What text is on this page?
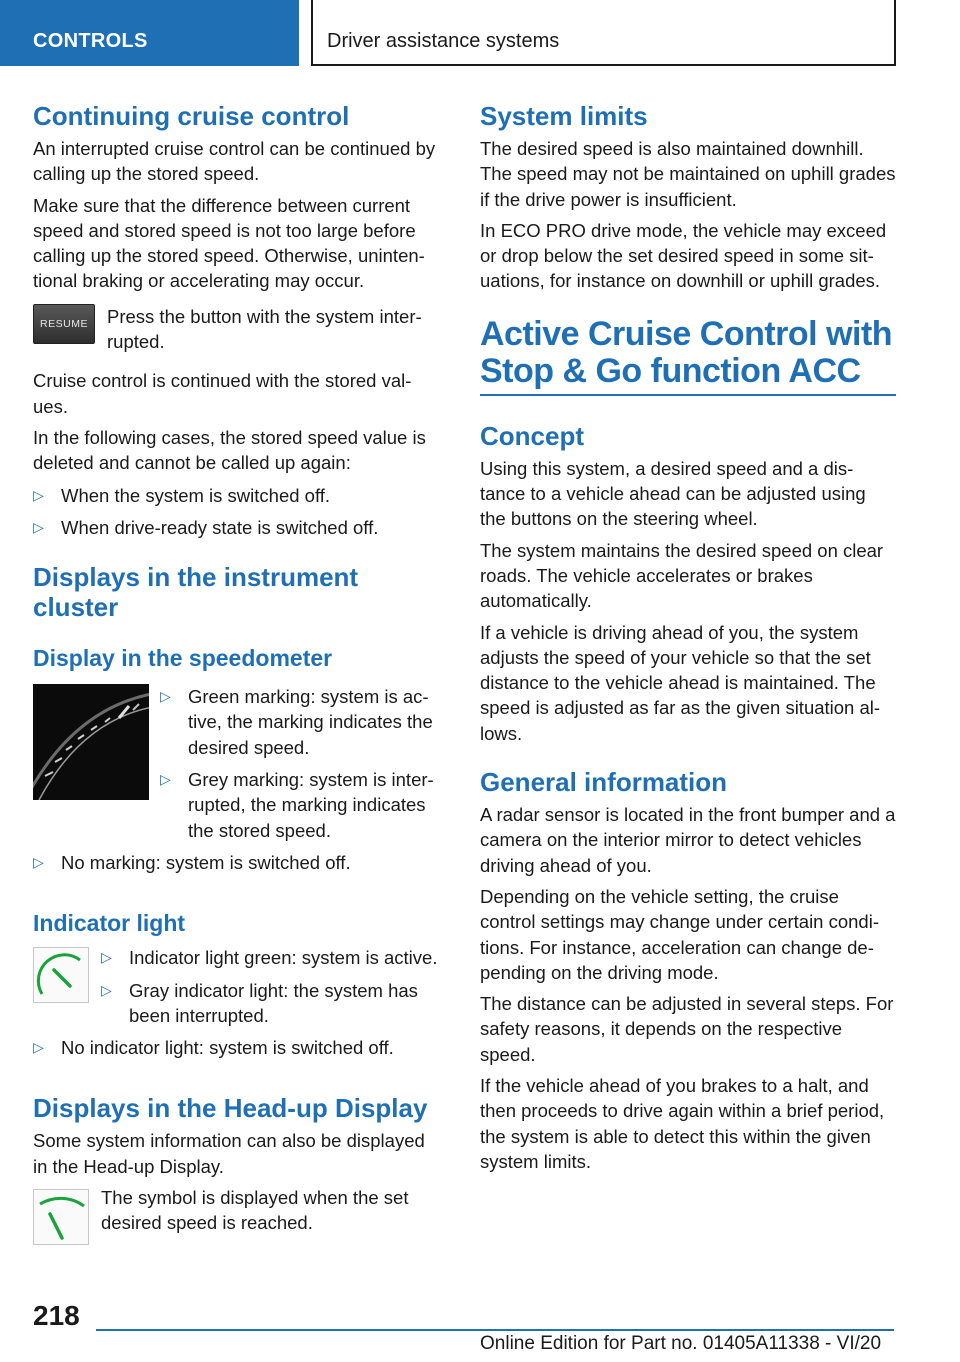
CONTROLS	Driver assistance systems
Continuing cruise control

An interrupted cruise control can be continued by calling up the stored speed.

Make sure that the difference between current speed and stored speed is not too large before calling up the stored speed. Otherwise, uninten-tional braking or accelerating may occur.

RESUME Press the button with the system inter-rupted.

Cruise control is continued with the stored val-ues.

In the following cases, the stored speed value is deleted and cannot be called up again:

▷ When the system is switched off.
▷ When drive-ready state is switched off.
Displays in the instrument cluster
Display in the speedometer
▷ Green marking: system is ac-tive, the marking indicates the desired speed.
▷ Grey marking: system is inter-rupted, the marking indicates the stored speed.
▷ No marking: system is switched off.
Indicator light
▷ Indicator light green: system is active.
▷ Gray indicator light: the system has been interrupted.
▷ No indicator light: system is switched off.
Displays in the Head-up Display

Some system information can also be displayed in the Head-up Display.

The symbol is displayed when the set desired speed is reached.

System limits

The desired speed is also maintained downhill. The speed may not be maintained on uphill grades if the drive power is insufficient.

In ECO PRO drive mode, the vehicle may exceed or drop below the set desired speed in some sit-uations, for instance on downhill or uphill grades.

Active Cruise Control with
Stop & Go function ACC
Concept

Using this system, a desired speed and a dis-tance to a vehicle ahead can be adjusted using the buttons on the steering wheel.

The system maintains the desired speed on clear roads. The vehicle accelerates or brakes automatically.

If a vehicle is driving ahead of you, the system adjusts the speed of your vehicle so that the set distance to the vehicle ahead is maintained. The speed is adjusted as far as the given situation al-lows.

General information

A radar sensor is located in the front bumper and a camera on the interior mirror to detect vehicles driving ahead of you.

Depending on the vehicle setting, the cruise control settings may change under certain condi-tions. For instance, acceleration can change de-pending on the driving mode.

The distance can be adjusted in several steps. For safety reasons, it depends on the respective speed.

If the vehicle ahead of you brakes to a halt, and then proceeds to drive again within a brief period, the system is able to detect this within the given system limits.

218
Online Edition for Part no. 01405A11338 - VI/20
